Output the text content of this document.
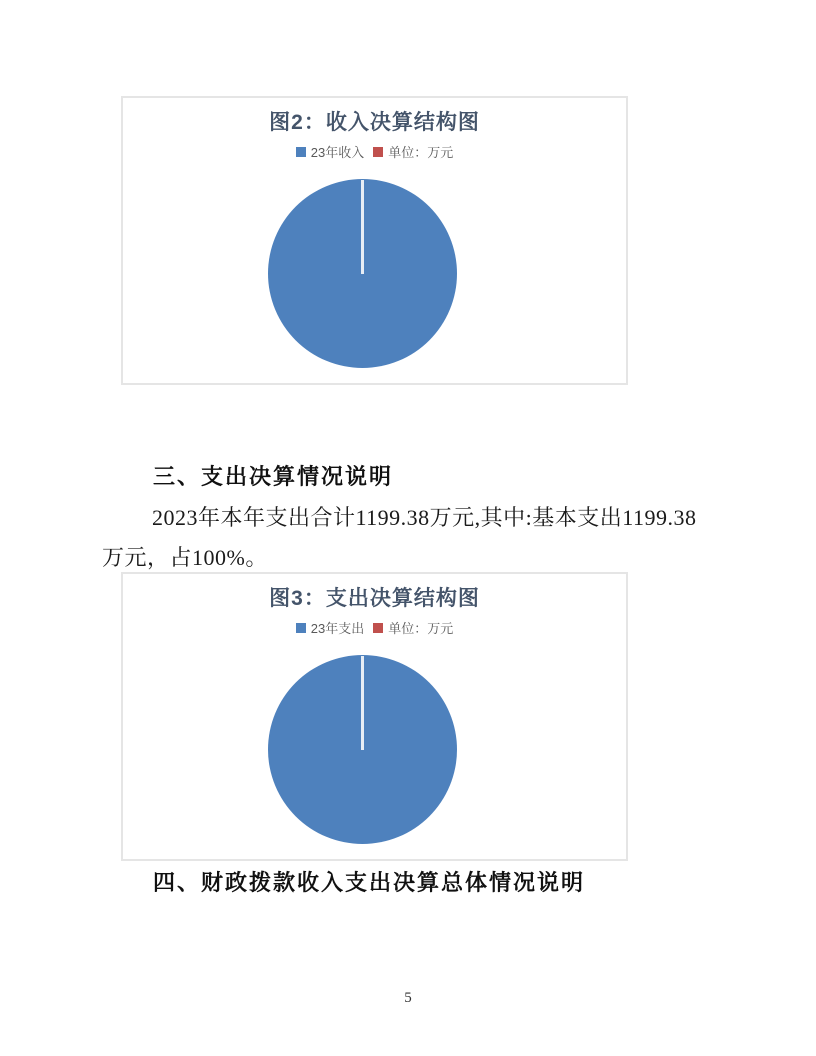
图2：收入决算结构图
23年收入 单位：万元
三、支出决算情况说明
2023年本年支出合计1199.38万元,其中:基本支出1199.38
万元，占100%。
图3：支出决算结构图
23年支出 单位：万元
四、财政拨款收入支出决算总体情况说明
5
